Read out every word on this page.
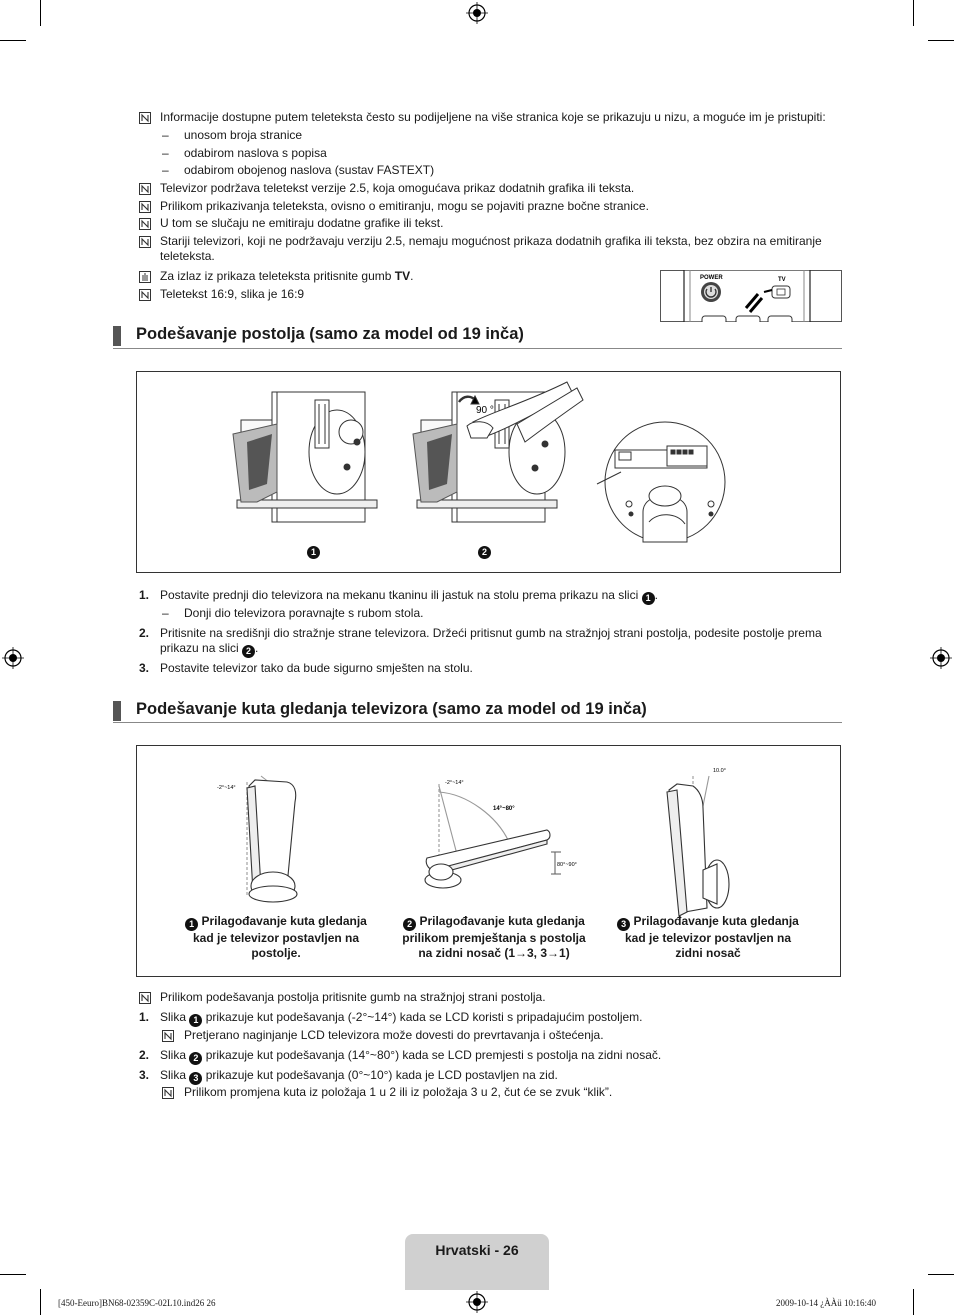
Informacije dostupne putem teleteksta često su podijeljene na više stranica koje se prikazuju u nizu, a moguće im je pristupiti:
– unosom broja stranice
– odabirom naslova s popisa
– odabirom obojenog naslova (sustav FASTEXT)
Televizor podržava teletekst verzije 2.5, koja omogućava prikaz dodatnih grafika ili teksta.
Prilikom prikazivanja teleteksta, ovisno o emitiranju, mogu se pojaviti prazne bočne stranice.
U tom se slučaju ne emitiraju dodatne grafike ili tekst.
Stariji televizori, koji ne podržavaju verziju 2.5, nemaju mogućnost prikaza dodatnih grafika ili teksta, bez obzira na emitiranje
teleteksta.
Za izlaz iz prikaza teleteksta pritisnite gumb TV.
Teletekst 16:9, slika je 16:9
POWER	TV
Podešavanje postolja (samo za model od 19 inča)
90 °
1	2
1. Postavite prednji dio televizora na mekanu tkaninu ili jastuk na stolu prema prikazu na slici 1 .
– Donji dio televizora poravnajte s rubom stola.
2. Pritisnite na središnji dio stražnje strane televizora. Držeći pritisnut gumb na stražnjoj strani postolja, podesite postolje prema
prikazu na slici 2 .
3. Postavite televizor tako da bude sigurno smješten na stolu.
Podešavanje kuta gledanja televizora (samo za model od 19 inča)
-2°~14°
-2°~14°
14°~80°
80°~90°
10.0°
1 Prilagođavanje kuta gledanja
kad je televizor postavljen na
postolje.
2 Prilagođavanje kuta gledanja
prilikom premještanja s postolja
na zidni nosač (1→3, 3→1)
3 Prilagođavanje kuta gledanja
kad je televizor postavljen na
zidni nosač
Prilikom podešavanja postolja pritisnite gumb na stražnjoj strani postolja.
1. Slika 1 prikazuje kut podešavanja (-2°~14°) kada se LCD koristi s pripadajućim postoljem.
Pretjerano naginjanje LCD televizora može dovesti do prevrtavanja i oštećenja.
2. Slika 2 prikazuje kut podešavanja (14°~80°) kada se LCD premjesti s postolja na zidni nosač.
3. Slika 3 prikazuje kut podešavanja (0°~10°) kada je LCD postavljen na zid.
Prilikom promjena kuta iz položaja 1 u 2 ili iz položaja 3 u 2, čut će se zvuk “klik”.
Hrvatski - 26
[450-Eeuro]BN68-02359C-02L10.ind26 26	2009-10-14 ¿ÀÀü 10:16:40
